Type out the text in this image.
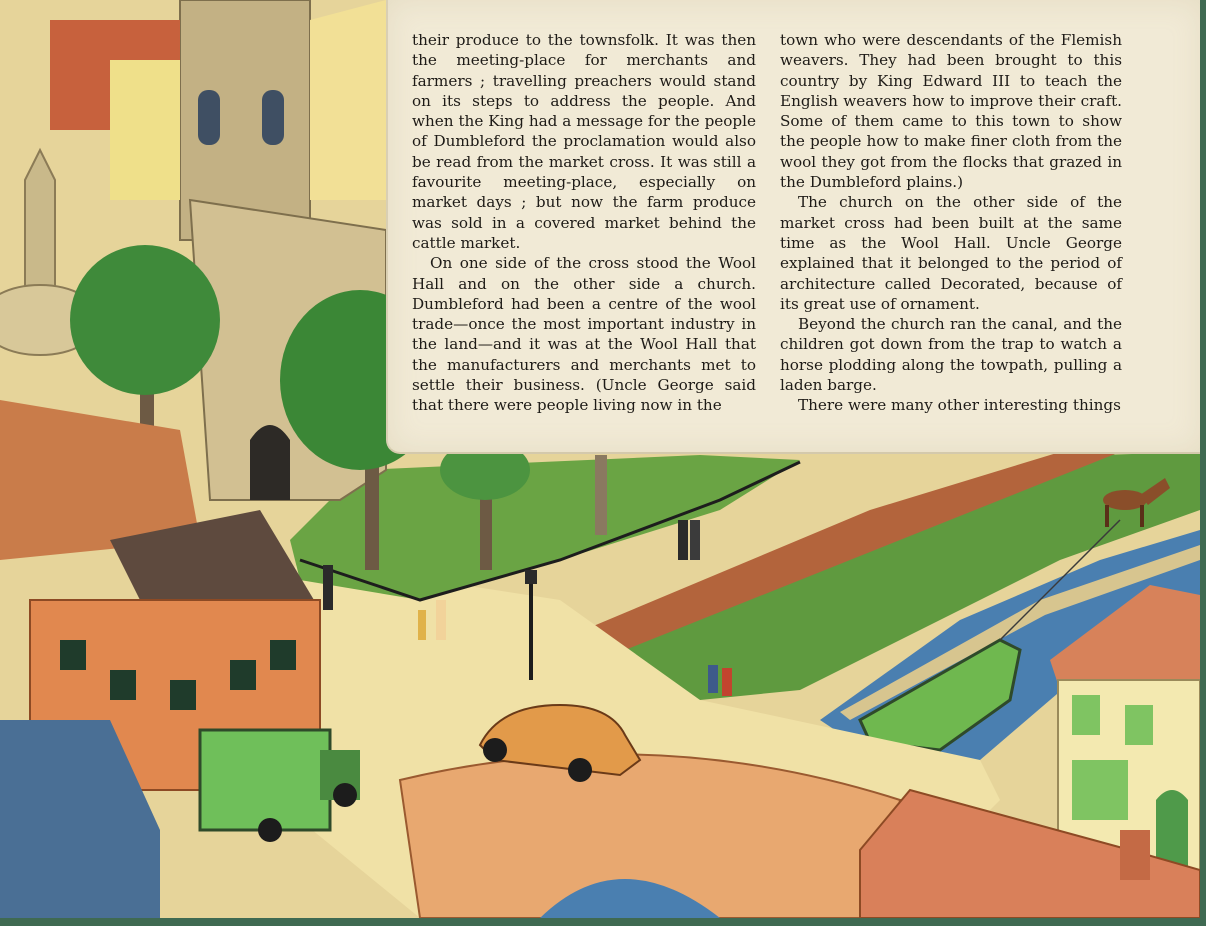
their produce to the townsfolk. It was then the meeting-place for merchants and farmers ; travelling preachers would stand on its steps to address the people. And when the King had a message for the people of Dumbleford the proclamation would also be read from the market cross. It was still a favourite meeting-place, especially on market days ; but now the farm produce was sold in a covered market behind the cattle market.

On one side of the cross stood the Wool Hall and on the other side a church. Dumbleford had been a centre of the wool trade—once the most important industry in the land—and it was at the Wool Hall that the manufacturers and merchants met to settle their business. (Uncle George said that there were people living now in the

town who were descendants of the Flemish weavers. They had been brought to this country by King Edward III to teach the English weavers how to improve their craft. Some of them came to this town to show the people how to make finer cloth from the wool they got from the flocks that grazed in the Dumbleford plains.)

The church on the other side of the market cross had been built at the same time as the Wool Hall. Uncle George explained that it belonged to the period of architecture called Decorated, because of its great use of ornament.

Beyond the church ran the canal, and the children got down from the trap to watch a horse plodding along the towpath, pulling a laden barge.

There were many other interesting things
